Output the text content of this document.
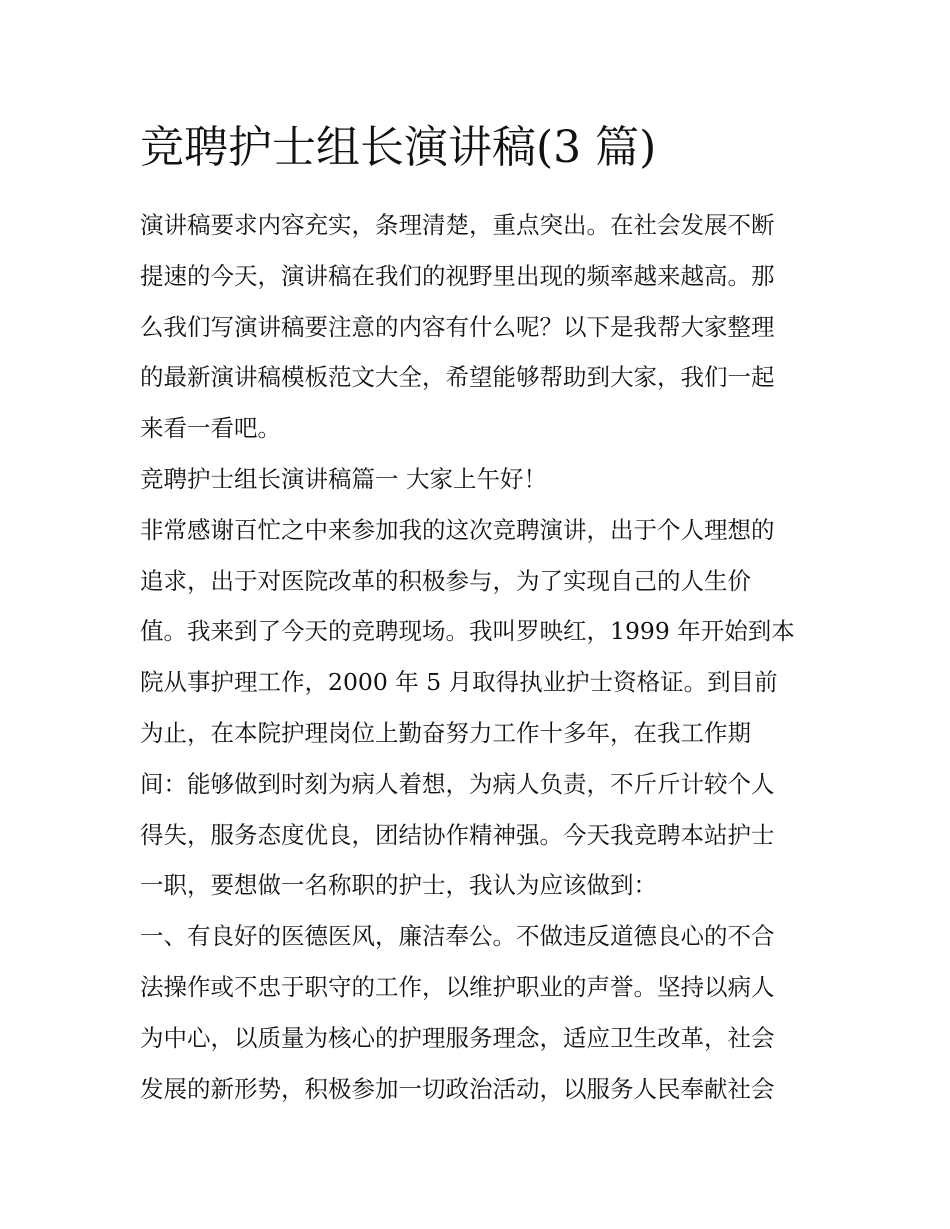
竞聘护士组长演讲稿(3 篇)
演讲稿要求内容充实，条理清楚，重点突出。在社会发展不断
提速的今天，演讲稿在我们的视野里出现的频率越来越高。那
么我们写演讲稿要注意的内容有什么呢？以下是我帮大家整理
的最新演讲稿模板范文大全，希望能够帮助到大家，我们一起
来看一看吧。
竞聘护士组长演讲稿篇一 大家上午好！
非常感谢百忙之中来参加我的这次竞聘演讲，出于个人理想的
追求，出于对医院改革的积极参与，为了实现自己的人生价
值。我来到了今天的竞聘现场。我叫罗映红，1999 年开始到本
院从事护理工作，2000 年 5 月取得执业护士资格证。到目前
为止，在本院护理岗位上勤奋努力工作十多年，在我工作期
间：能够做到时刻为病人着想，为病人负责，不斤斤计较个人
得失，服务态度优良，团结协作精神强。今天我竞聘本站护士
一职，要想做一名称职的护士，我认为应该做到：
一、有良好的医德医风，廉洁奉公。不做违反道德良心的不合
法操作或不忠于职守的工作，以维护职业的声誉。坚持以病人
为中心，以质量为核心的护理服务理念，适应卫生改革，社会
发展的新形势，积极参加一切政治活动，以服务人民奉献社会
